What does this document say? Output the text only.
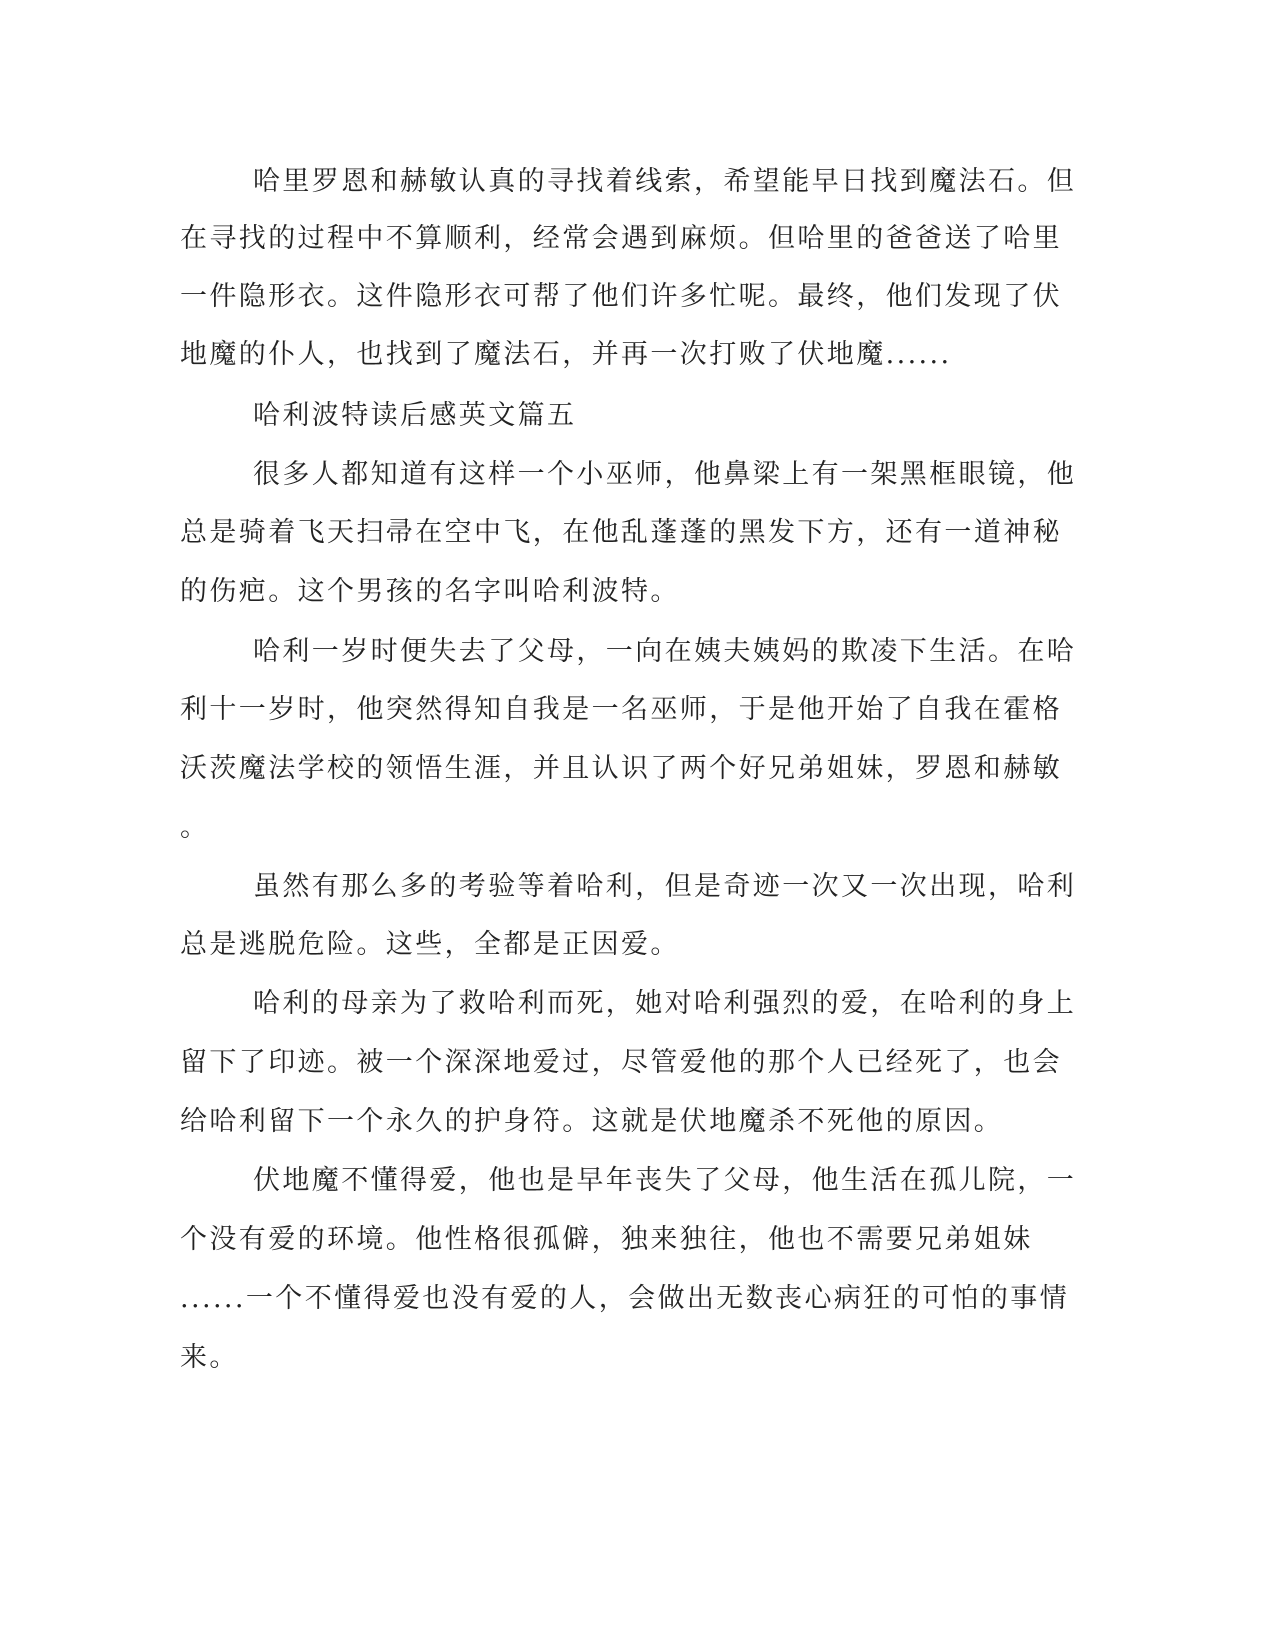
哈里罗恩和赫敏认真的寻找着线索，希望能早日找到魔法石。但
在寻找的过程中不算顺利，经常会遇到麻烦。但哈里的爸爸送了哈里
一件隐形衣。这件隐形衣可帮了他们许多忙呢。最终，他们发现了伏
地魔的仆人，也找到了魔法石，并再一次打败了伏地魔......
哈利波特读后感英文篇五
很多人都知道有这样一个小巫师，他鼻梁上有一架黑框眼镜，他
总是骑着飞天扫帚在空中飞，在他乱蓬蓬的黑发下方，还有一道神秘
的伤疤。这个男孩的名字叫哈利波特。
哈利一岁时便失去了父母，一向在姨夫姨妈的欺凌下生活。在哈
利十一岁时，他突然得知自我是一名巫师，于是他开始了自我在霍格
沃茨魔法学校的领悟生涯，并且认识了两个好兄弟姐妹，罗恩和赫敏
。
虽然有那么多的考验等着哈利，但是奇迹一次又一次出现，哈利
总是逃脱危险。这些，全都是正因爱。
哈利的母亲为了救哈利而死，她对哈利强烈的爱，在哈利的身上
留下了印迹。被一个深深地爱过，尽管爱他的那个人已经死了，也会
给哈利留下一个永久的护身符。这就是伏地魔杀不死他的原因。
伏地魔不懂得爱，他也是早年丧失了父母，他生活在孤儿院，一
个没有爱的环境。他性格很孤僻，独来独往，他也不需要兄弟姐妹
......一个不懂得爱也没有爱的人，会做出无数丧心病狂的可怕的事情
来。
